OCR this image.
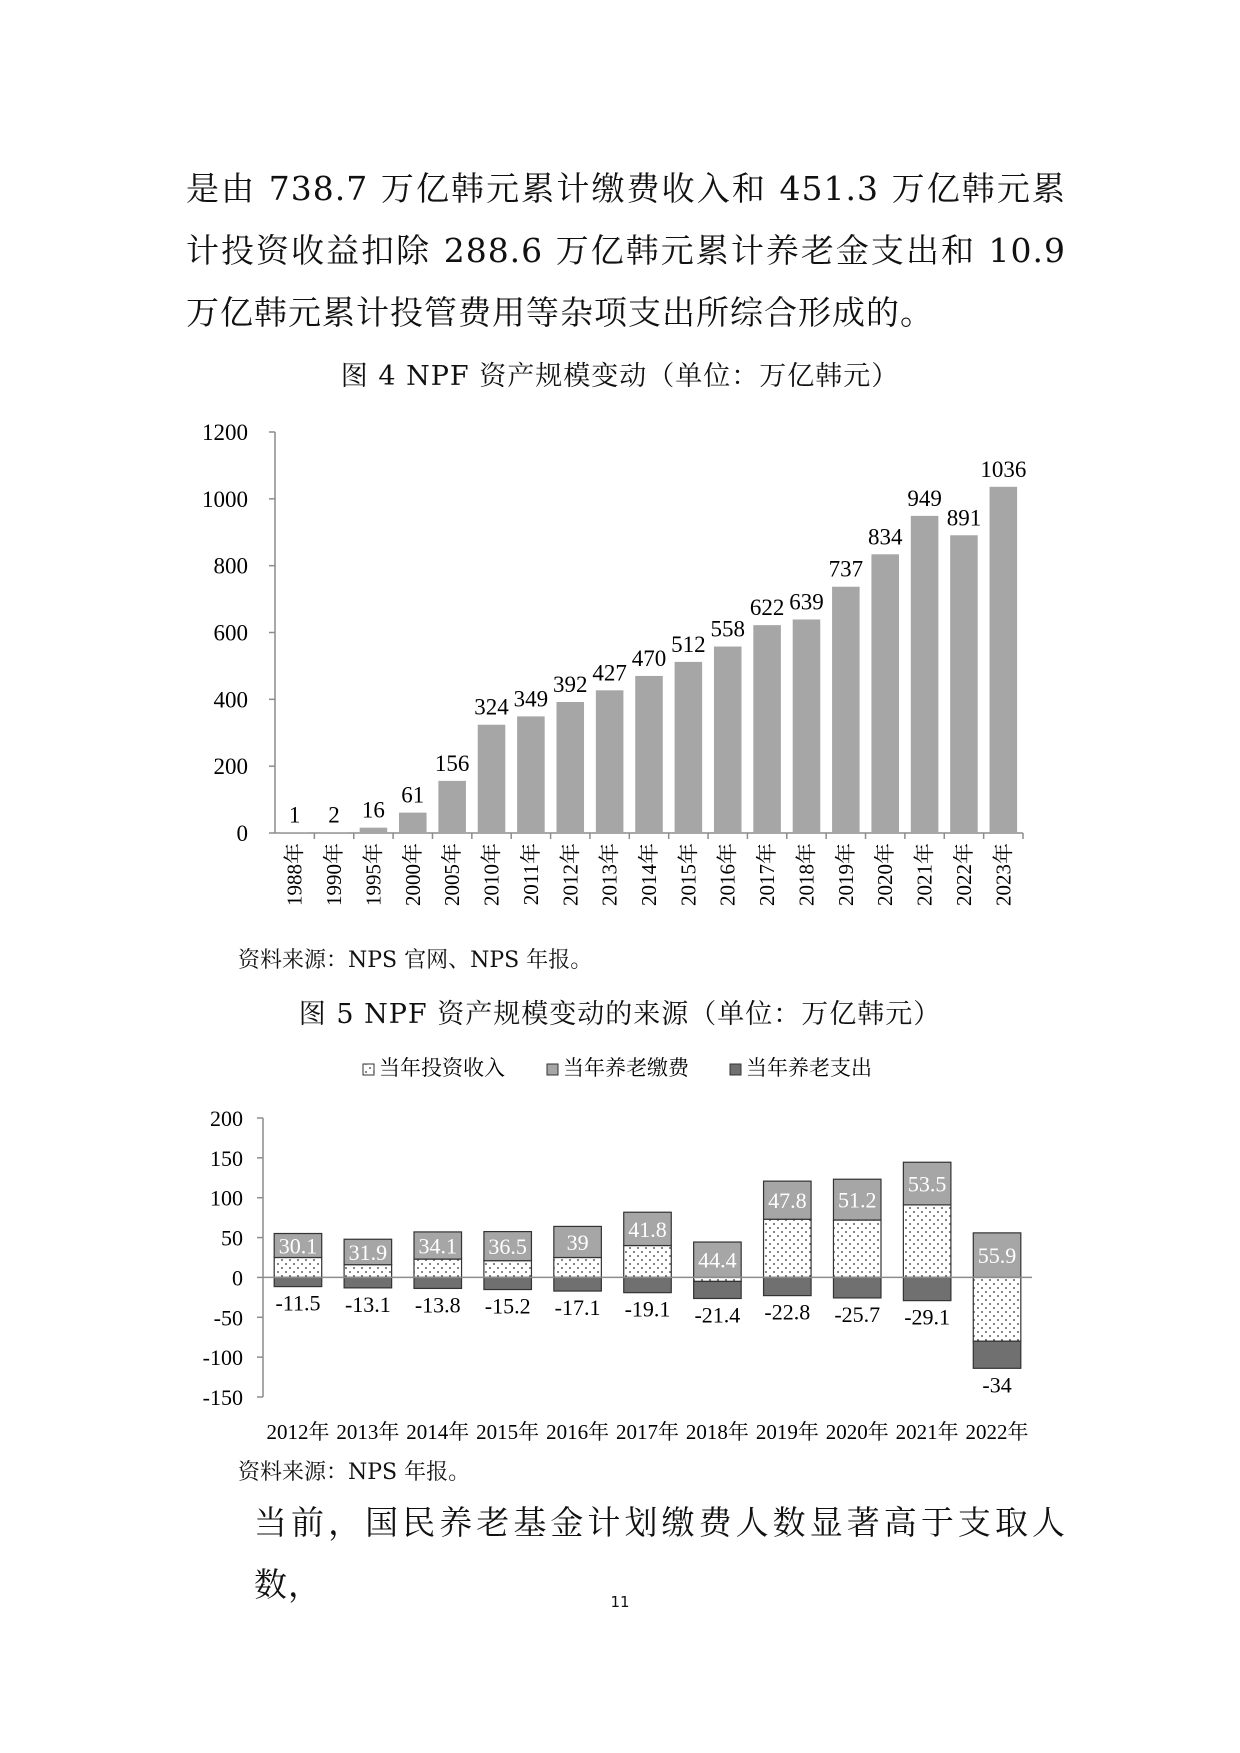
是由 738.7 万亿韩元累计缴费收入和 451.3 万亿韩元累计投资收益扣除 288.6 万亿韩元累计养老金支出和 10.9 万亿韩元累计投管费用等杂项支出所综合形成的。
图 4 NPF 资产规模变动（单位：万亿韩元）
0
200
400
600
800
1000
1200
1
1988年
2
1990年
16
1995年
61
2000年
156
2005年
324
2010年
349
2011年
392
2012年
427
2013年
470
2014年
512
2015年
558
2016年
622
2017年
639
2018年
737
2019年
834
2020年
949
2021年
891
2022年
1036
2023年
资料来源：NPS 官网、NPS 年报。
图 5 NPF 资产规模变动的来源（单位：万亿韩元）
当年投资收入	当年养老缴费	当年养老支出
-150
-100
-50
0
50
100
150
200
30.1
-11.5
2012年
31.9
-13.1
2013年
34.1
-13.8
2014年
36.5
-15.2
2015年
39
-17.1
2016年
41.8
-19.1
2017年
44.4
-21.4
2018年
47.8
-22.8
2019年
51.2
-25.7
2020年
53.5
-29.1
2021年
55.9
-34
2022年
资料来源：NPS 年报。
当前，国民养老基金计划缴费人数显著高于支取人数，	11
